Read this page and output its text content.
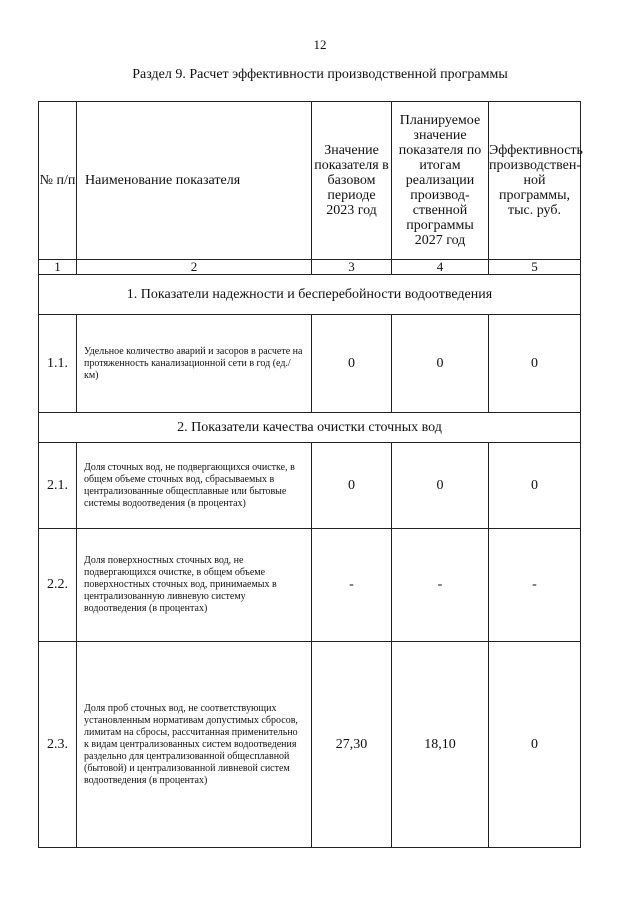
12
Раздел 9. Расчет эффективности производственной программы
№ п/п	Наименование показателя	Значение показателя в базовом периоде 2023 год	Планируемое значение показателя по итогам реализации производ-ственной программы 2027 год	Эффективность производствен-ной программы, тыс. руб.
1	2	3	4	5
1. Показатели надежности и бесперебойности водоотведения				
1.1.	Удельное количество аварий и засоров в расчете на протяженность канализационной сети в год (ед./км)	0	0	0
2. Показатели качества очистки сточных вод				
2.1.	Доля сточных вод, не подвергающихся очистке, в общем объеме сточных вод, сбрасываемых в централизованные общесплавные или бытовые системы водоотведения (в процентах)	0	0	0
2.2.	Доля поверхностных сточных вод, не подвергающихся очистке, в общем объеме поверхностных сточных вод, принимаемых в централизованную ливневую систему водоотведения (в процентах)	-	-	-
2.3.	Доля проб сточных вод, не соответствующих установленным нормативам допустимых сбросов, лимитам на сбросы, рассчитанная применительно к видам централизованных систем водоотведения раздельно для централизованной общесплавной (бытовой) и централизованной ливневой систем водоотведения (в процентах)	27,30	18,10	0
